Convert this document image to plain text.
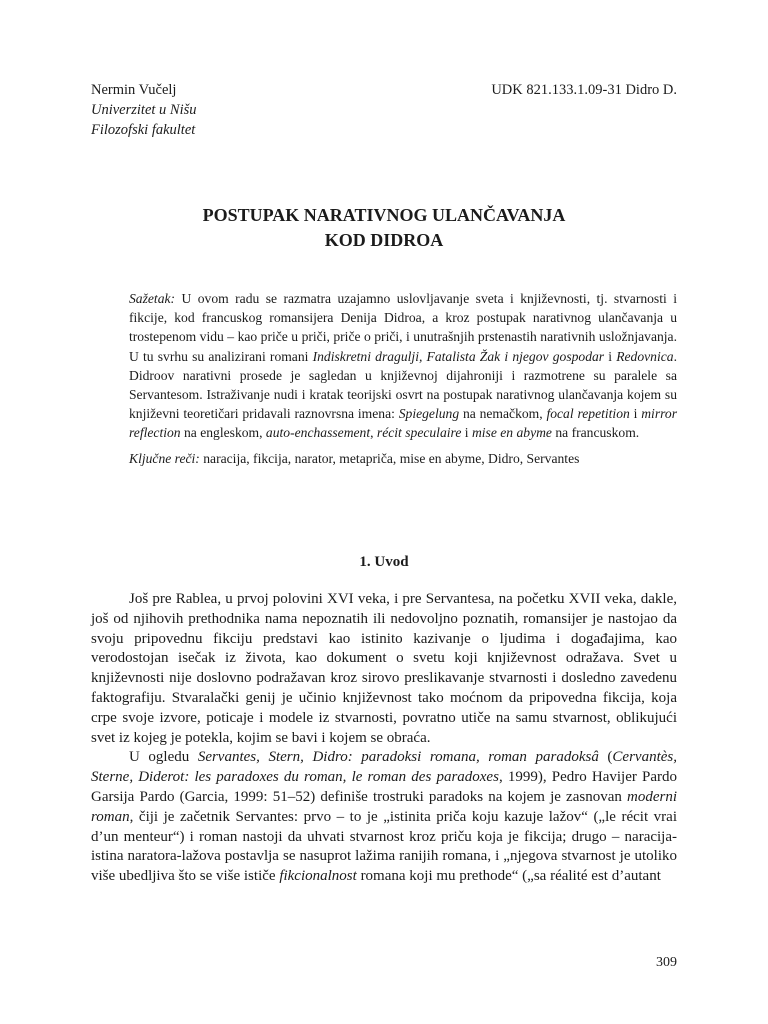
Nermin Vučelj
Univerzitet u Nišu
Filozofski fakultet
UDK 821.133.1.09-31 Didro D.
POSTUPAK NARATIVNOG ULANČAVANJA
KOD DIDROA
Sažetak: U ovom radu se razmatra uzajamno uslovljavanje sveta i književnosti, tj. stvarnosti i fikcije, kod francuskog romansijera Denija Didroa, a kroz postupak narativnog ulančavanja u trostepenom vidu – kao priče u priči, priče o priči, i unutrašnjih prstenastih narativnih usložnjavanja. U tu svrhu su analizirani romani Indiskretni dragulji, Fatalista Žak i njegov gospodar i Redovnica. Didroov narativni prosede je sagledan u književnoj dijahroniji i razmotrene su paralele sa Servantesom. Istraživanje nudi i kratak teorijski osvrt na postupak narativnog ulančavanja kojem su književni teoretičari pridavali raznovrsna imena: Spiegelung na nemačkom, focal repetition i mirror reflection na engleskom, auto-enchassement, récit speculaire i mise en abyme na francuskom.
Ključne reči: naracija, fikcija, narator, metapriča, mise en abyme, Didro, Servantes
1. Uvod

Još pre Rablea, u prvoj polovini XVI veka, i pre Servantesa, na početku XVII veka, dakle, još od njihovih prethodnika nama nepoznatih ili nedovoljno poznatih, romansijer je nastojao da svoju pripovednu fikciju predstavi kao istinito kazivanje o ljudima i događajima, kao verodostojan isečak iz života, kao dokument o svetu koji književnost odražava. Svet u književnosti nije doslovno podražavan kroz sirovo preslikavanje stvarnosti i dosledno zavedenu faktografiju. Stvaralački genij je učinio književnost tako moćnom da pripovedna fikcija, koja crpe svoje izvore, poticaje i modele iz stvarnosti, povratno utiče na samu stvarnost, oblikujući svet iz kojeg je potekla, kojim se bavi i kojem se obraća.

U ogledu Servantes, Stern, Didro: paradoksi romana, roman paradoksâ (Cervantès, Sterne, Diderot: les paradoxes du roman, le roman des paradoxes, 1999), Pedro Havijer Pardo Garsija Pardo (Garcia, 1999: 51–52) definiše trostruki paradoks na kojem je zasnovan moderni roman, čiji je začetnik Servantes: prvo – to je „istinita priča koju kazuje lažov“ („le récit vrai d’un menteur“) i roman nastoji da uhvati stvarnost kroz priču koja je fikcija; drugo – naracija-istina naratora-lažova postavlja se nasuprot lažima ranijih romana, i „njegova stvarnost je utoliko više ubedljiva što se više ističe fikcionalnost romana koji mu prethode“ („sa réalité est d’autant

309
